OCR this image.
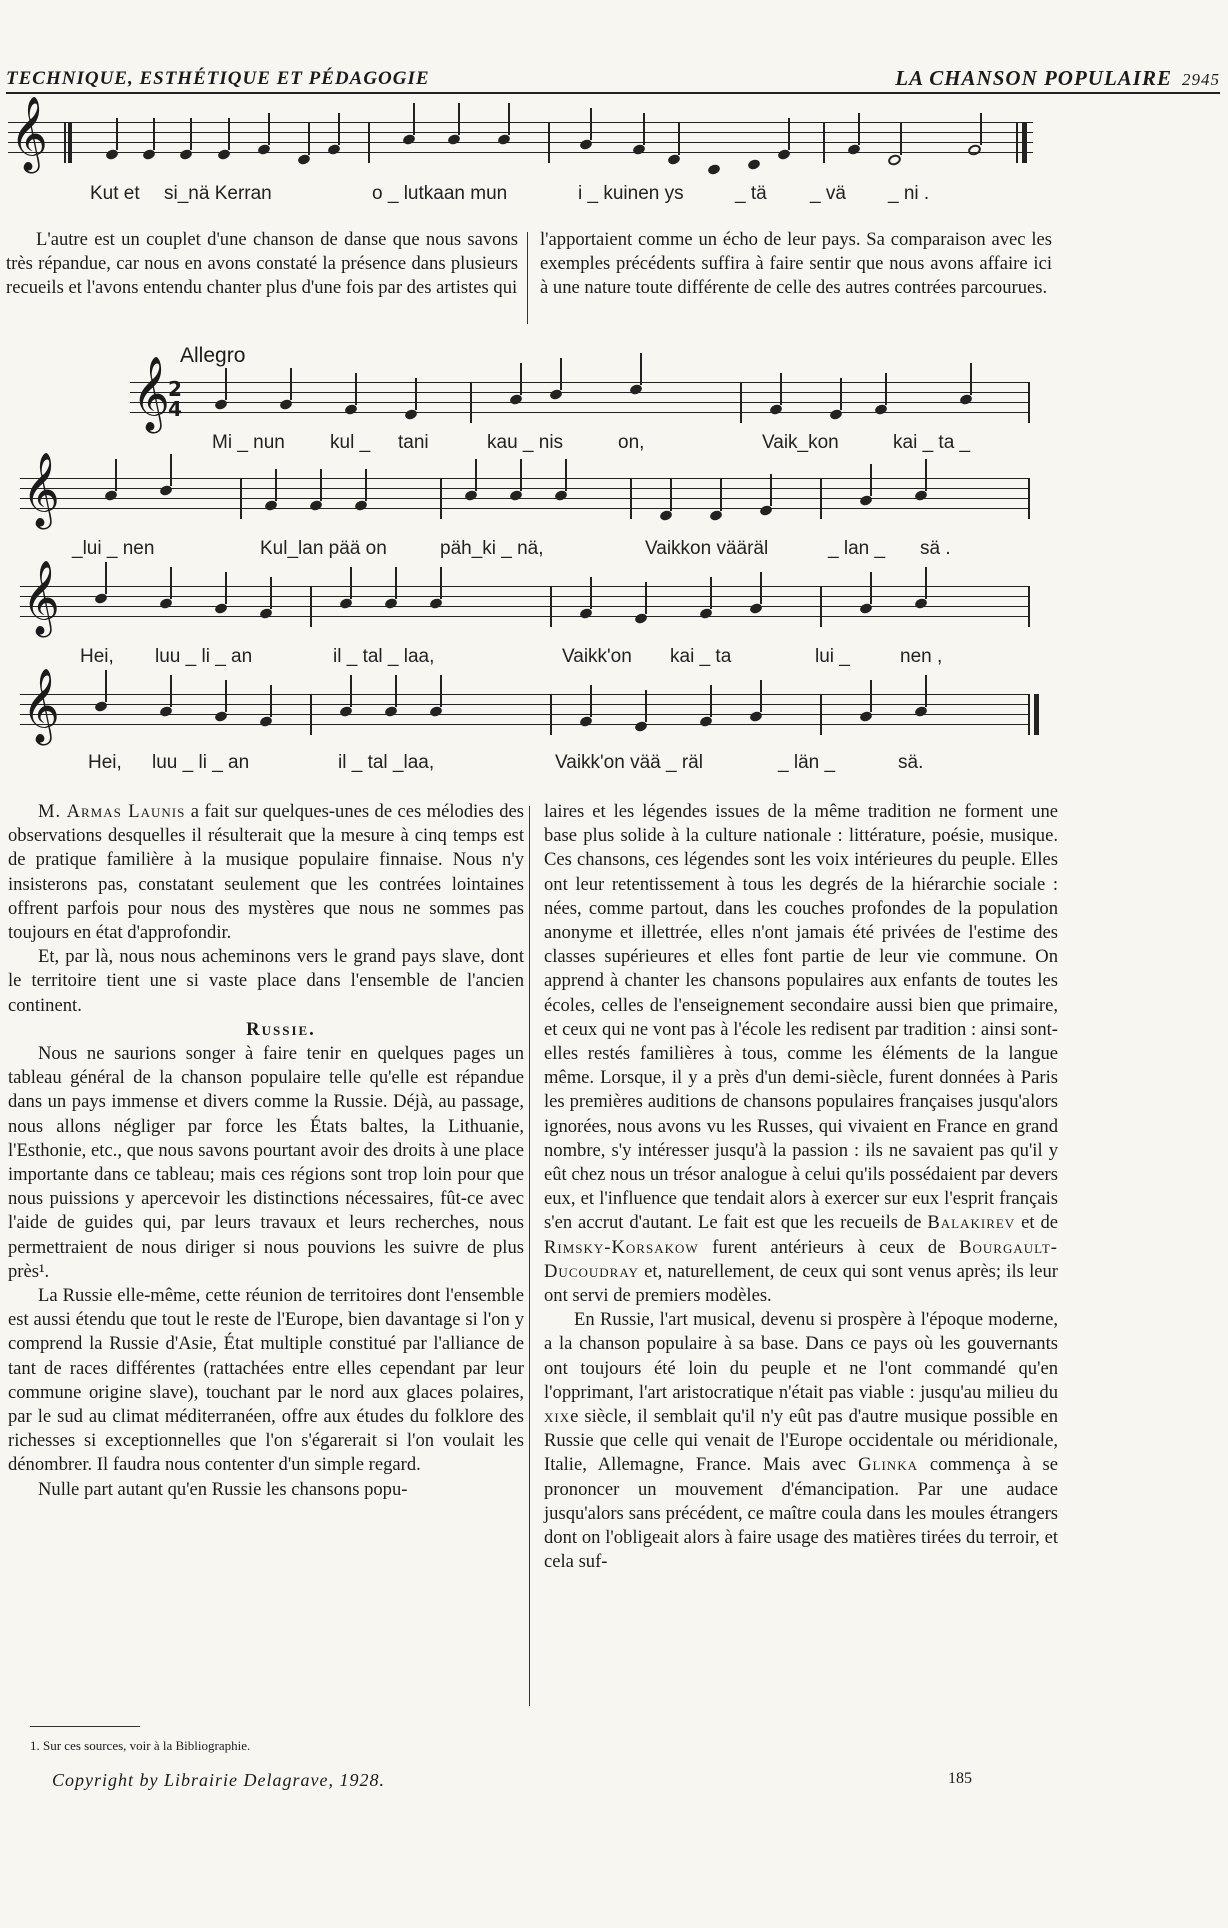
TECHNIQUE, ESTHÉTIQUE ET PÉDAGOGIE	LA CHANSON POPULAIRE 2945
𝄞
Kut et si_nä Kerran	o _ lutkaan mun	i _ kuinen ys	_ tä _ vä _ ni .

L'autre est un couplet d'une chanson de danse que nous savons très répandue, car nous en avons constaté la présence dans plusieurs recueils et l'avons entendu chanter plus d'une fois par des artistes qui

l'apportaient comme un écho de leur pays. Sa comparaison avec les exemples précédents suffira à faire sentir que nous avons affaire ici à une nature toute différente de celle des autres contrées parcourues.

Allegro
𝄞
2
4
Mi _ nun kul _ tani	kau _ nis	on,	Vaik_kon	kai _ ta _
𝄞
_lui _ nen	Kul_lan pää on	päh_ki _ nä,	Vaikkon vääräl	_ lan _ sä .
𝄞
Hei, luu _ li _ an	il _ tal _ laa,	Vaikk'on kai _ ta	lui _	nen ,
𝄞
Hei, luu _ li _ an	il _ tal _laa,	Vaikk'on vää _ räl	_ län _	sä.

M. Armas Launis a fait sur quelques-unes de ces mélodies des observations desquelles il résulterait que la mesure à cinq temps est de pratique familière à la musique populaire finnaise. Nous n'y insisterons pas, constatant seulement que les contrées lointaines offrent parfois pour nous des mystères que nous ne sommes pas toujours en état d'approfondir.

Et, par là, nous nous acheminons vers le grand pays slave, dont le territoire tient une si vaste place dans l'ensemble de l'ancien continent.

Russie.

Nous ne saurions songer à faire tenir en quelques pages un tableau général de la chanson populaire telle qu'elle est répandue dans un pays immense et divers comme la Russie. Déjà, au passage, nous allons négliger par force les États baltes, la Lithuanie, l'Esthonie, etc., que nous savons pourtant avoir des droits à une place importante dans ce tableau; mais ces régions sont trop loin pour que nous puissions y apercevoir les distinctions nécessaires, fût-ce avec l'aide de guides qui, par leurs travaux et leurs recherches, nous permettraient de nous diriger si nous pouvions les suivre de plus près¹.

La Russie elle-même, cette réunion de territoires dont l'ensemble est aussi étendu que tout le reste de l'Europe, bien davantage si l'on y comprend la Russie d'Asie, État multiple constitué par l'alliance de tant de races différentes (rattachées entre elles cependant par leur commune origine slave), touchant par le nord aux glaces polaires, par le sud au climat méditerranéen, offre aux études du folklore des richesses si exceptionnelles que l'on s'égarerait si l'on voulait les dénombrer. Il faudra nous contenter d'un simple regard.

Nulle part autant qu'en Russie les chansons popu-

laires et les légendes issues de la même tradition ne forment une base plus solide à la culture nationale : littérature, poésie, musique. Ces chansons, ces légendes sont les voix intérieures du peuple. Elles ont leur retentissement à tous les degrés de la hiérarchie sociale : nées, comme partout, dans les couches profondes de la population anonyme et illettrée, elles n'ont jamais été privées de l'estime des classes supérieures et elles font partie de leur vie commune. On apprend à chanter les chansons populaires aux enfants de toutes les écoles, celles de l'enseignement secondaire aussi bien que primaire, et ceux qui ne vont pas à l'école les redisent par tradition : ainsi sont-elles restés familières à tous, comme les éléments de la langue même. Lorsque, il y a près d'un demi-siècle, furent données à Paris les premières auditions de chansons populaires françaises jusqu'alors ignorées, nous avons vu les Russes, qui vivaient en France en grand nombre, s'y intéresser jusqu'à la passion : ils ne savaient pas qu'il y eût chez nous un trésor analogue à celui qu'ils possédaient par devers eux, et l'influence que tendait alors à exercer sur eux l'esprit français s'en accrut d'autant. Le fait est que les recueils de Balakirev et de Rimsky-Korsakow furent antérieurs à ceux de Bourgault-Ducoudray et, naturellement, de ceux qui sont venus après; ils leur ont servi de premiers modèles.

En Russie, l'art musical, devenu si prospère à l'époque moderne, a la chanson populaire à sa base. Dans ce pays où les gouvernants ont toujours été loin du peuple et ne l'ont commandé qu'en l'opprimant, l'art aristocratique n'était pas viable : jusqu'au milieu du xixe siècle, il semblait qu'il n'y eût pas d'autre musique possible en Russie que celle qui venait de l'Europe occidentale ou méridionale, Italie, Allemagne, France. Mais avec Glinka commença à se prononcer un mouvement d'émancipation. Par une audace jusqu'alors sans précédent, ce maître coula dans les moules étrangers dont on l'obligeait alors à faire usage des matières tirées du terroir, et cela suf-

1. Sur ces sources, voir à la Bibliographie.
Copyright by Librairie Delagrave, 1928.	185
